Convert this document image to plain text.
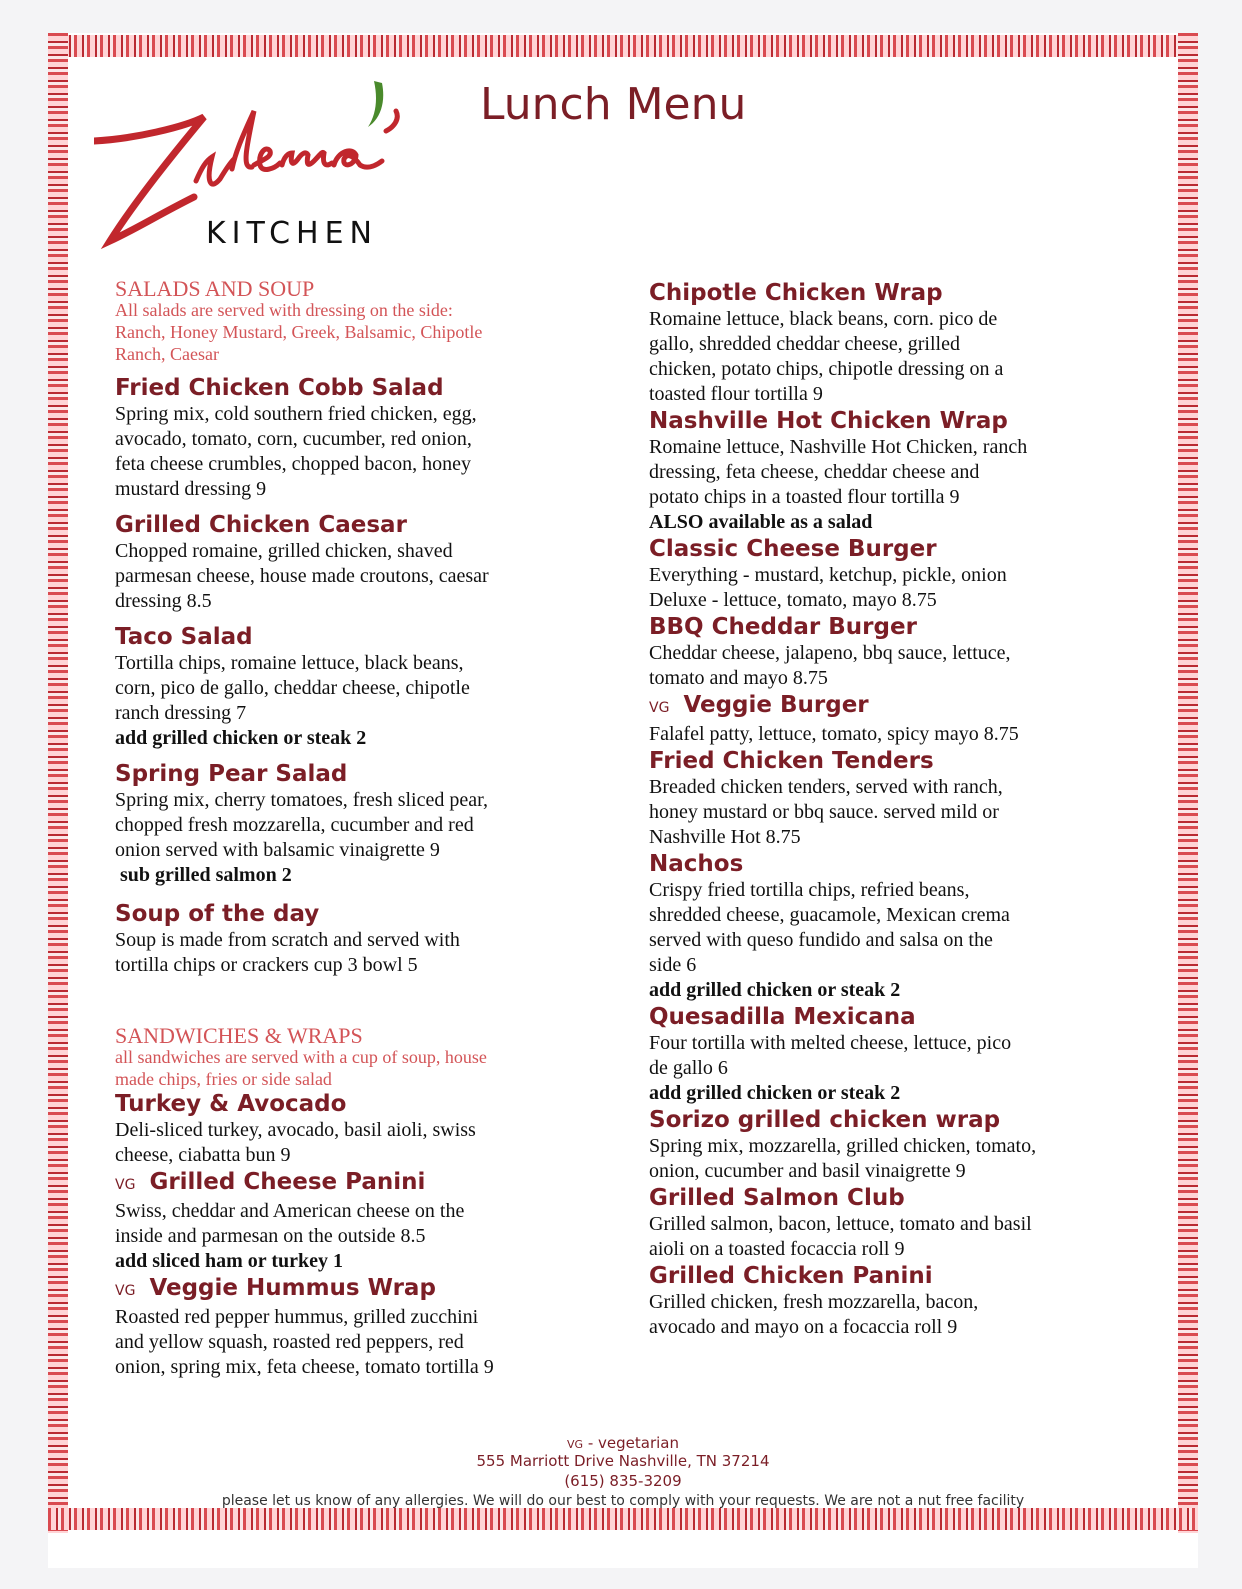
KITCHEN
Lunch Menu
SALADS AND SOUP
All salads are served with dressing on the side:
Ranch, Honey Mustard, Greek, Balsamic, Chipotle
Ranch, Caesar
Fried Chicken Cobb Salad
Spring mix, cold southern fried chicken, egg,
avocado, tomato, corn, cucumber, red onion,
feta cheese crumbles, chopped bacon, honey
mustard dressing 9
Grilled Chicken Caesar
Chopped romaine, grilled chicken, shaved
parmesan cheese, house made croutons, caesar
dressing 8.5
Taco Salad
Tortilla chips, romaine lettuce, black beans,
corn, pico de gallo, cheddar cheese, chipotle
ranch dressing 7
add grilled chicken or steak 2
Spring Pear Salad
Spring mix, cherry tomatoes, fresh sliced pear,
chopped fresh mozzarella, cucumber and red
onion served with balsamic vinaigrette 9
sub grilled salmon 2
Soup of the day
Soup is made from scratch and served with
tortilla chips or crackers cup 3 bowl 5
SANDWICHES & WRAPS
all sandwiches are served with a cup of soup, house
made chips, fries or side salad
Turkey & Avocado
Deli-sliced turkey, avocado, basil aioli, swiss
cheese, ciabatta bun 9
VG Grilled Cheese Panini
Swiss, cheddar and American cheese on the
inside and parmesan on the outside 8.5
add sliced ham or turkey 1
VG Veggie Hummus Wrap
Roasted red pepper hummus, grilled zucchini
and yellow squash, roasted red peppers, red
onion, spring mix, feta cheese, tomato tortilla 9
Chipotle Chicken Wrap
Romaine lettuce, black beans, corn. pico de
gallo, shredded cheddar cheese, grilled
chicken, potato chips, chipotle dressing on a
toasted flour tortilla 9
Nashville Hot Chicken Wrap
Romaine lettuce, Nashville Hot Chicken, ranch
dressing, feta cheese, cheddar cheese and
potato chips in a toasted flour tortilla 9
ALSO available as a salad
Classic Cheese Burger
Everything - mustard, ketchup, pickle, onion
Deluxe - lettuce, tomato, mayo 8.75
BBQ Cheddar Burger
Cheddar cheese, jalapeno, bbq sauce, lettuce,
tomato and mayo 8.75
VG Veggie Burger
Falafel patty, lettuce, tomato, spicy mayo 8.75
Fried Chicken Tenders
Breaded chicken tenders, served with ranch,
honey mustard or bbq sauce. served mild or
Nashville Hot 8.75
Nachos
Crispy fried tortilla chips, refried beans,
shredded cheese, guacamole, Mexican crema
served with queso fundido and salsa on the
side 6
add grilled chicken or steak 2
Quesadilla Mexicana
Four tortilla with melted cheese, lettuce, pico
de gallo 6
add grilled chicken or steak 2
Sorizo grilled chicken wrap
Spring mix, mozzarella, grilled chicken, tomato,
onion, cucumber and basil vinaigrette 9
Grilled Salmon Club
Grilled salmon, bacon, lettuce, tomato and basil
aioli on a toasted focaccia roll 9
Grilled Chicken Panini
Grilled chicken, fresh mozzarella, bacon,
avocado and mayo on a focaccia roll 9
VG - vegetarian
555 Marriott Drive Nashville, TN 37214
(615) 835-3209
please let us know of any allergies. We will do our best to comply with your requests. We are not a nut free facility
